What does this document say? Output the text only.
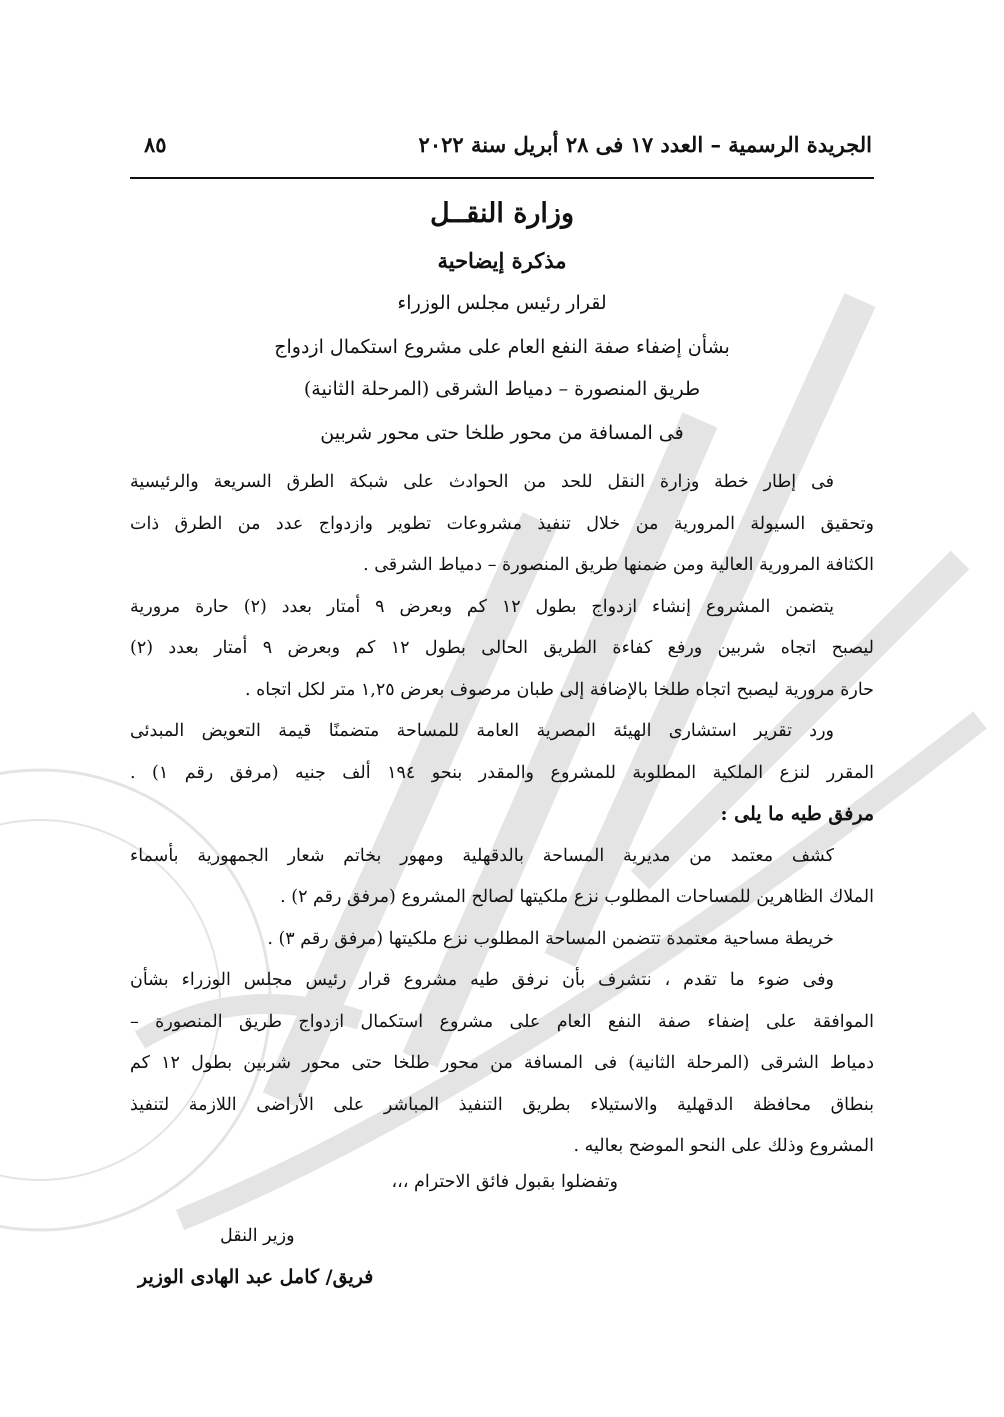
الجريدة الرسمية – العدد ١٧ فى ٢٨ أبريل سنة ٢٠٢٢
٨٥
وزارة النقــل
مذكرة إيضاحية
لقرار رئيس مجلس الوزراء
بشأن إضفاء صفة النفع العام على مشروع استكمال ازدواج
طريق المنصورة – دمياط الشرقى (المرحلة الثانية)
فى المسافة من محور طلخا حتى محور شربين
فى إطار خطة وزارة النقل للحد من الحوادث على شبكة الطرق السريعة والرئيسية
وتحقيق السيولة المرورية من خلال تنفيذ مشروعات تطوير وازدواج عدد من الطرق ذات
الكثافة المرورية العالية ومن ضمنها طريق المنصورة – دمياط الشرقى .
يتضمن المشروع إنشاء ازدواج بطول ١٢ كم وبعرض ٩ أمتار بعدد (٢) حارة مرورية
ليصبح اتجاه شربين ورفع كفاءة الطريق الحالى بطول ١٢ كم وبعرض ٩ أمتار بعدد (٢)
حارة مرورية ليصبح اتجاه طلخا بالإضافة إلى طبان مرصوف بعرض ١,٢٥ متر لكل اتجاه .
ورد تقرير استشارى الهيئة المصرية العامة للمساحة متضمنًا قيمة التعويض المبدئى
المقرر لنزع الملكية المطلوبة للمشروع والمقدر بنحو ١٩٤ ألف جنيه (مرفق رقم ١) .
مرفق طيه ما يلى :
كشف معتمد من مديرية المساحة بالدقهلية ومهور بخاتم شعار الجمهورية بأسماء
الملاك الظاهرين للمساحات المطلوب نزع ملكيتها لصالح المشروع (مرفق رقم ٢) .
خريطة مساحية معتمدة تتضمن المساحة المطلوب نزع ملكيتها (مرفق رقم ٣) .
وفى ضوء ما تقدم ، نتشرف بأن نرفق طيه مشروع قرار رئيس مجلس الوزراء بشأن
الموافقة على إضفاء صفة النفع العام على مشروع استكمال ازدواج طريق المنصورة –
دمياط الشرقى (المرحلة الثانية) فى المسافة من محور طلخا حتى محور شربين بطول ١٢ كم
بنطاق محافظة الدقهلية والاستيلاء بطريق التنفيذ المباشر على الأراضى اللازمة لتنفيذ
المشروع وذلك على النحو الموضح بعاليه .
وتفضلوا بقبول فائق الاحترام ،،،
وزير النقل
فريق/ كامل عبد الهادى الوزير
